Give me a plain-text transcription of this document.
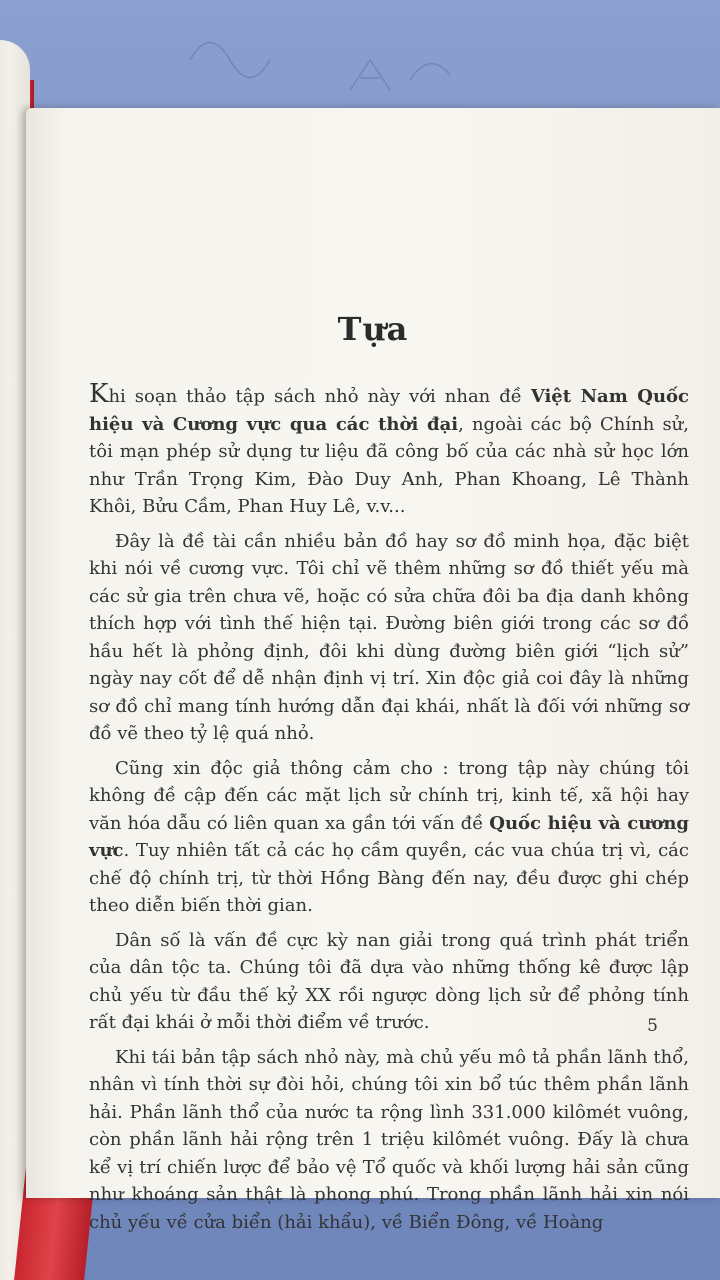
Tựa

Khi soạn thảo tập sách nhỏ này với nhan đề Việt Nam Quốc hiệu và Cương vực qua các thời đại, ngoài các bộ Chính sử, tôi mạn phép sử dụng tư liệu đã công bố của các nhà sử học lớn như Trần Trọng Kim, Đào Duy Anh, Phan Khoang, Lê Thành Khôi, Bửu Cầm, Phan Huy Lê, v.v...

Đây là đề tài cần nhiều bản đồ hay sơ đồ minh họa, đặc biệt khi nói về cương vực. Tôi chỉ vẽ thêm những sơ đồ thiết yếu mà các sử gia trên chưa vẽ, hoặc có sửa chữa đôi ba địa danh không thích hợp với tình thế hiện tại. Đường biên giới trong các sơ đồ hầu hết là phỏng định, đôi khi dùng đường biên giới “lịch sử” ngày nay cốt để dễ nhận định vị trí. Xin độc giả coi đây là những sơ đồ chỉ mang tính hướng dẫn đại khái, nhất là đối với những sơ đồ vẽ theo tỷ lệ quá nhỏ.

Cũng xin độc giả thông cảm cho : trong tập này chúng tôi không đề cập đến các mặt lịch sử chính trị, kinh tế, xã hội hay văn hóa dẫu có liên quan xa gần tới vấn đề Quốc hiệu và cương vực. Tuy nhiên tất cả các họ cầm quyền, các vua chúa trị vì, các chế độ chính trị, từ thời Hồng Bàng đến nay, đều được ghi chép theo diễn biến thời gian.

Dân số là vấn đề cực kỳ nan giải trong quá trình phát triển của dân tộc ta. Chúng tôi đã dựa vào những thống kê được lập chủ yếu từ đầu thế kỷ XX rồi ngược dòng lịch sử để phỏng tính rất đại khái ở mỗi thời điểm về trước.

Khi tái bản tập sách nhỏ này, mà chủ yếu mô tả phần lãnh thổ, nhân vì tính thời sự đòi hỏi, chúng tôi xin bổ túc thêm phần lãnh hải. Phần lãnh thổ của nước ta rộng lình 331.000 kilômét vuông, còn phần lãnh hải rộng trên 1 triệu kilômét vuông. Đấy là chưa kể vị trí chiến lược để bảo vệ Tổ quốc và khối lượng hải sản cũng như khoáng sản thật là phong phú. Trong phần lãnh hải xin nói chủ yếu về cửa biển (hải khẩu), về Biển Đông, về Hoàng

5
